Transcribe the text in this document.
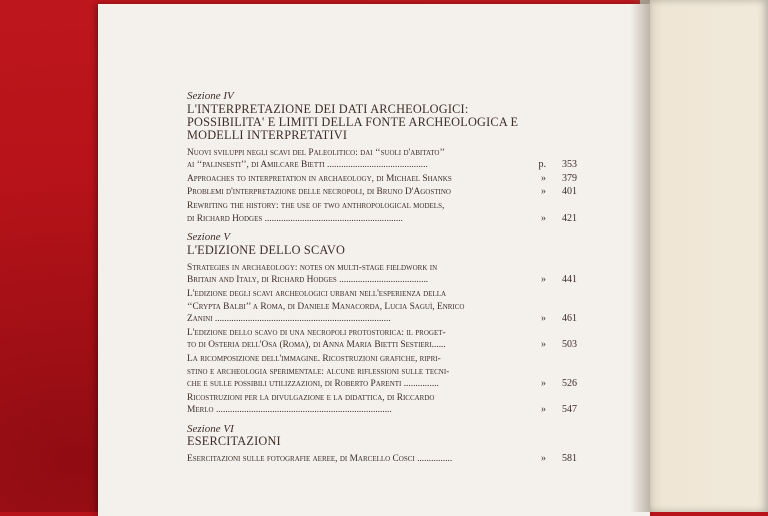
Sezione IV
L'INTERPRETAZIONE DEI DATI ARCHEOLOGICI:
POSSIBILITA' E LIMITI DELLA FONTE ARCHEOLOGICA E
MODELLI INTERPRETATIVI
Nuovi sviluppi negli scavi del Paleolitico: dai ‘‘suoli d'abitato’’
ai ‘‘palinsesti’’, di Amilcare Bietti ...........................................	p.	353
Approaches to interpretation in archaeology, di Michael Shanks	»	379
Problemi d'interpretazione delle necropoli, di Bruno D'Agostino	»	401
Rewriting the history: the use of two anthropological models,
di Richard Hodges ...........................................................	»	421
Sezione V
L'EDIZIONE DELLO SCAVO
Strategies in archaeology: notes on multi-stage fieldwork in
Britain and Italy, di Richard Hodges ......................................	»	441
L'edizione degli scavi archeologici urbani nell'esperienza della
‘‘Crypta Balbi’’ a Roma, di Daniele Manacorda, Lucia Saguì, Enrico
Zanini ...........................................................................	»	461
L'edizione dello scavo di una necropoli protostorica: il proget-
to di Osteria dell'Osa (Roma), di Anna Maria Bietti Sestieri......	»	503
La ricomposizione dell'immagine. Ricostruzioni grafiche, ripri-
stino e archeologia sperimentale: alcune riflessioni sulle tecni-
che e sulle possibili utilizzazioni, di Roberto Parenti ...............	»	526
Ricostruzioni per la divulgazione e la didattica, di Riccardo
Merlo ...........................................................................	»	547
Sezione VI
ESERCITAZIONI
Esercitazioni sulle fotografie aeree, di Marcello Cosci ...............	»	581
